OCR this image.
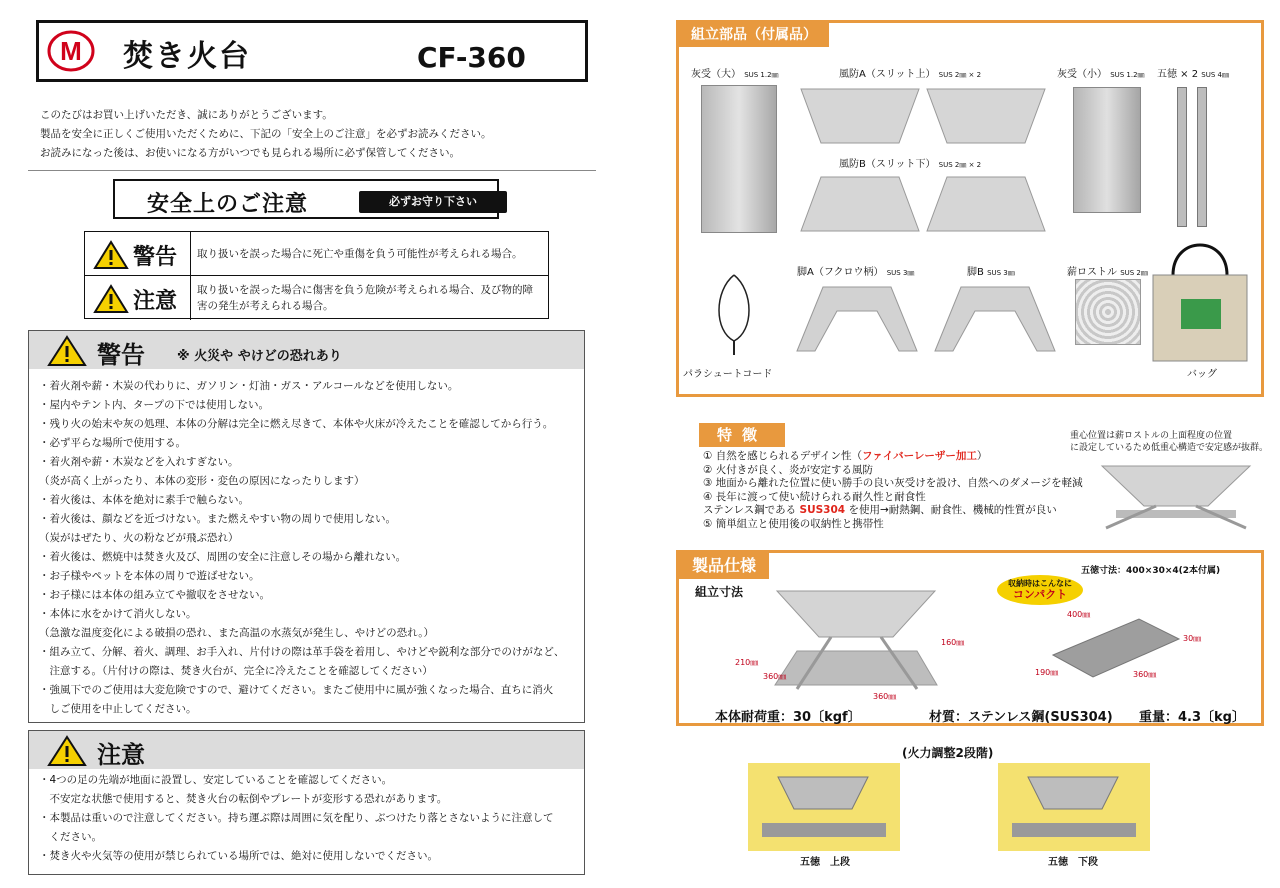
M 焚き火台	CF-360
このたびはお買い上げいただき、誠にありがとうございます。
製品を安全に正しくご使用いただくために、下記の「安全上のご注意」を必ずお読みください。
お読みになった後は、お使いになる方がいつでも見られる場所に必ず保管してください。
安全上のご注意	必ずお守り下さい
警告 取り扱いを誤った場合に死亡や重傷を負う可能性が考えられる場合。
注意 取り扱いを誤った場合に傷害を負う危険が考えられる場合、及び物的障害の発生が考えられる場合。
警告 ※ 火災や やけどの恐れあり
・着火剤や薪・木炭の代わりに、ガソリン・灯油・ガス・アルコールなどを使用しない。
・屋内やテント内、タープの下では使用しない。
・残り火の始末や灰の処理、本体の分解は完全に燃え尽きて、本体や火床が冷えたことを確認してから行う。
・必ず平らな場所で使用する。
・着火剤や薪・木炭などを入れすぎない。
（炎が高く上がったり、本体の変形・変色の原因になったりします）
・着火後は、本体を絶対に素手で触らない。
・着火後は、顔などを近づけない。また燃えやすい物の周りで使用しない。
（炭がはぜたり、火の粉などが飛ぶ恐れ）
・着火後は、燃焼中は焚き火及び、周囲の安全に注意しその場から離れない。
・お子様やペットを本体の周りで遊ばせない。
・お子様には本体の組み立てや撤収をさせない。
・本体に水をかけて消火しない。
（急激な温度変化による破損の恐れ、また高温の水蒸気が発生し、やけどの恐れ。）
・組み立て、分解、着火、調理、お手入れ、片付けの際は革手袋を着用し、やけどや鋭利な部分でのけがなど、
　注意する。（片付けの際は、焚き火台が、完全に冷えたことを確認してください）
・強風下でのご使用は大変危険ですので、避けてください。またご使用中に風が強くなった場合、直ちに消火
　しご使用を中止してください。
注意
・4つの足の先端が地面に設置し、安定していることを確認してください。
　不安定な状態で使用すると、焚き火台の転倒やプレートが変形する恐れがあります。
・本製品は重いので注意してください。持ち運ぶ際は周囲に気を配り、ぶつけたり落とさないように注意して
　ください。
・焚き火や火気等の使用が禁じられている場所では、絶対に使用しないでください。
組立部品（付属品）
灰受（大） SUS 1.2㎜	風防A（スリット上） SUS 2㎜ × 2
風防B（スリット下） SUS 2㎜ × 2
灰受（小） SUS 1.2㎜ 五徳 × 2 SUS 4㎜
パラシュートコード
脚A（フクロウ柄） SUS 3㎜	脚B SUS 3㎜	薪ロストル SUS 2㎜
バッグ
特徴	重心位置は薪ロストルの上面程度の位置
に設定しているため低重心構造で安定感が抜群。
① 自然を感じられるデザイン性（ファイバーレーザー加工）
② 火付きが良く、炎が安定する風防
③ 地面から離れた位置に使い勝手の良い灰受けを設け、自然へのダメージを軽減
④ 長年に渡って使い続けられる耐久性と耐食性
ステンレス鋼である SUS304 を使用→耐熱鋼、耐食性、機械的性質が良い
⑤ 簡単組立と使用後の収納性と携帯性
製品仕様
組立寸法
160㎜
210㎜
360㎜
360㎜
五徳寸法：400×30×4(2本付属)
収納時はこんなに
コンパクト
400㎜
30㎜
190㎜	360㎜
本体耐荷重：30〔kgf〕	材質：ステンレス鋼(SUS304) 重量：4.3〔kg〕
(火力調整2段階)
五徳　上段	五徳　下段
